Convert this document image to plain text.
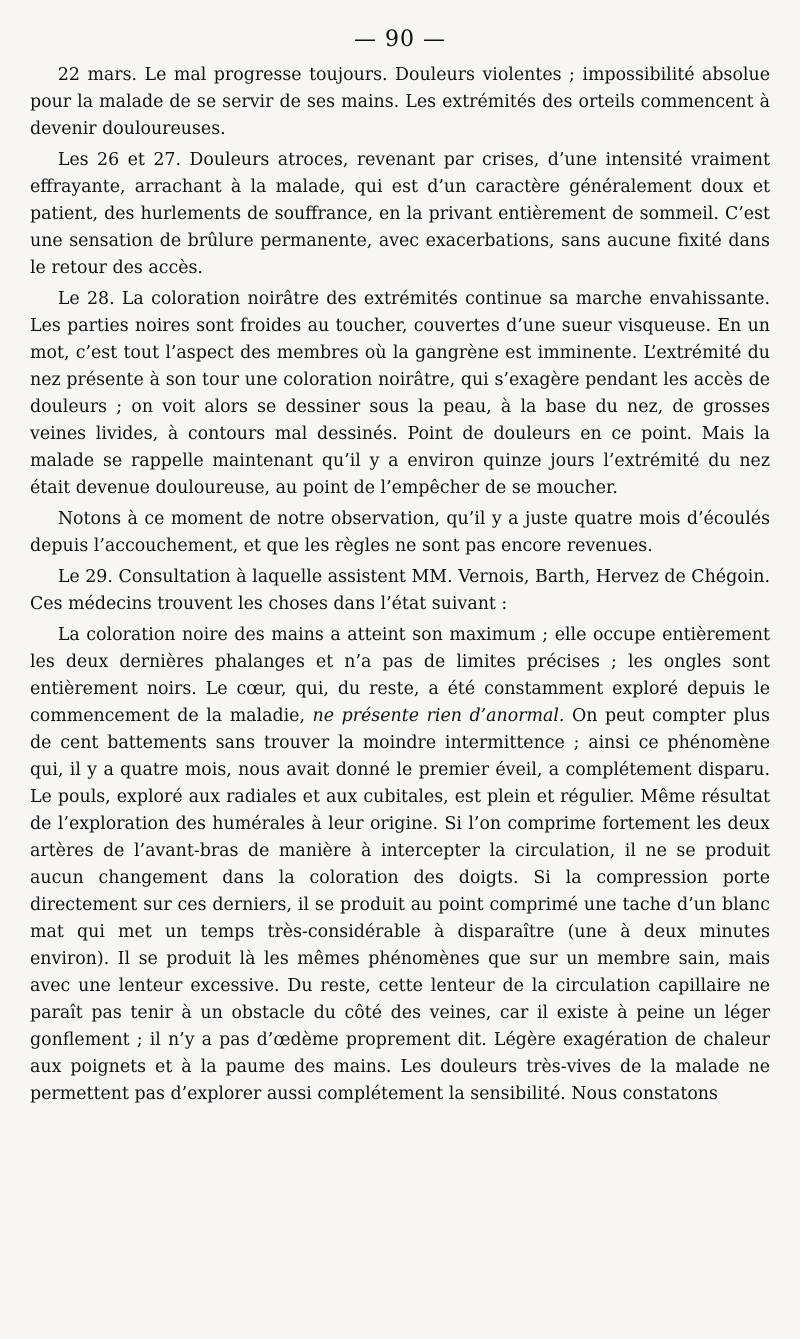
— 90 —

22 mars. Le mal progresse toujours. Douleurs violentes ; impossibilité absolue pour la malade de se servir de ses mains. Les extrémités des orteils commencent à devenir douloureuses.

Les 26 et 27. Douleurs atroces, revenant par crises, d’une intensité vraiment effrayante, arrachant à la malade, qui est d’un caractère généralement doux et patient, des hurlements de souffrance, en la privant entièrement de sommeil. C’est une sensation de brûlure permanente, avec exacerbations, sans aucune fixité dans le retour des accès.

Le 28. La coloration noirâtre des extrémités continue sa marche envahissante. Les parties noires sont froides au toucher, couvertes d’une sueur visqueuse. En un mot, c’est tout l’aspect des membres où la gangrène est imminente. L’extrémité du nez présente à son tour une coloration noirâtre, qui s’exagère pendant les accès de douleurs ; on voit alors se dessiner sous la peau, à la base du nez, de grosses veines livides, à contours mal dessinés. Point de douleurs en ce point. Mais la malade se rappelle maintenant qu’il y a environ quinze jours l’extrémité du nez était devenue douloureuse, au point de l’empêcher de se moucher.

Notons à ce moment de notre observation, qu’il y a juste quatre mois d’écoulés depuis l’accouchement, et que les règles ne sont pas encore revenues.

Le 29. Consultation à laquelle assistent MM. Vernois, Barth, Hervez de Chégoin. Ces médecins trouvent les choses dans l’état suivant :

La coloration noire des mains a atteint son maximum ; elle occupe entièrement les deux dernières phalanges et n’a pas de limites précises ; les ongles sont entièrement noirs. Le cœur, qui, du reste, a été constamment exploré depuis le commencement de la maladie, ne présente rien d’anormal. On peut compter plus de cent battements sans trouver la moindre intermittence ; ainsi ce phénomène qui, il y a quatre mois, nous avait donné le premier éveil, a complétement disparu. Le pouls, exploré aux radiales et aux cubitales, est plein et régulier. Même résultat de l’exploration des humérales à leur origine. Si l’on comprime fortement les deux artères de l’avant-bras de manière à intercepter la circulation, il ne se produit aucun changement dans la coloration des doigts. Si la compression porte directement sur ces derniers, il se produit au point comprimé une tache d’un blanc mat qui met un temps très-considérable à disparaître (une à deux minutes environ). Il se produit là les mêmes phénomènes que sur un membre sain, mais avec une lenteur excessive. Du reste, cette lenteur de la circulation capillaire ne paraît pas tenir à un obstacle du côté des veines, car il existe à peine un léger gonflement ; il n’y a pas d’œdème proprement dit. Légère exagération de chaleur aux poignets et à la paume des mains. Les douleurs très-vives de la malade ne permettent pas d’explorer aussi complétement la sensibilité. Nous constatons
